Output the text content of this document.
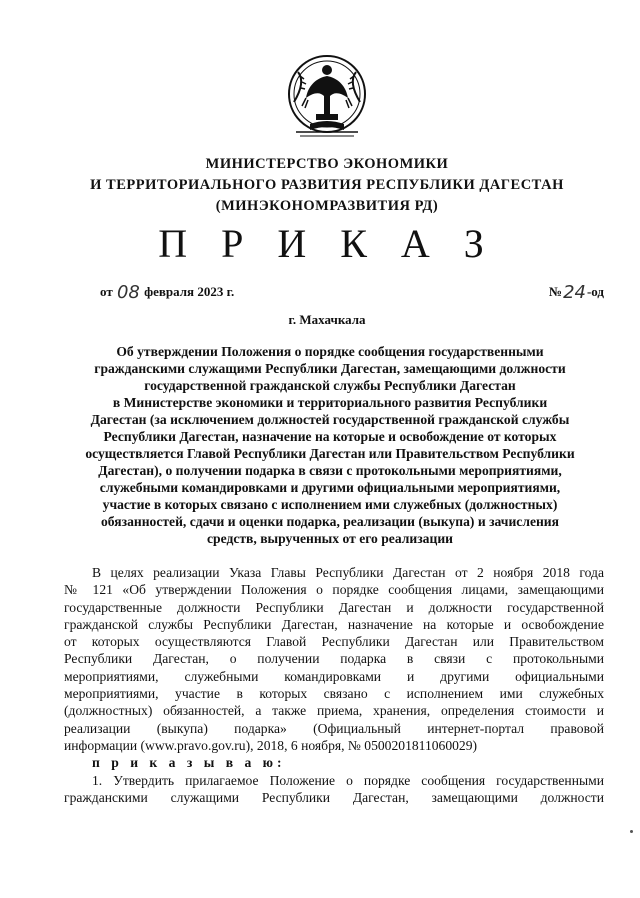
МИНИСТЕРСТВО ЭКОНОМИКИ
И ТЕРРИТОРИАЛЬНОГО РАЗВИТИЯ РЕСПУБЛИКИ ДАГЕСТАН
(МИНЭКОНОМРАЗВИТИЯ РД)
П Р И К А З
от 08 февраля 2023 г.	№24-од
г. Махачкала
Об утверждении Положения о порядке сообщения государственными
гражданскими служащими Республики Дагестан, замещающими должности
государственной гражданской службы Республики Дагестан
в Министерстве экономики и территориального развития Республики
Дагестан (за исключением должностей государственной гражданской службы
Республики Дагестан, назначение на которые и освобождение от которых
осуществляется Главой Республики Дагестан или Правительством Республики
Дагестан), о получении подарка в связи с протокольными мероприятиями,
служебными командировками и другими официальными мероприятиями,
участие в которых связано с исполнением ими служебных (должностных)
обязанностей, сдачи и оценки подарка, реализации (выкупа) и зачисления
средств, вырученных от его реализации
В целях реализации Указа Главы Республики Дагестан от 2 ноября 2018 года
№ 121 «Об утверждении Положения о порядке сообщения лицами, замещающими
государственные должности Республики Дагестан и должности государственной
гражданской службы Республики Дагестан, назначение на которые и освобождение
от которых осуществляются Главой Республики Дагестан или Правительством
Республики Дагестан, о получении подарка в связи с протокольными
мероприятиями, служебными командировками и другими официальными
мероприятиями, участие в которых связано с исполнением ими служебных
(должностных) обязанностей, а также приема, хранения, определения стоимости и
реализации (выкупа) подарка» (Официальный интернет-портал правовой
информации (www.pravo.gov.ru), 2018, 6 ноября, № 0500201811060029)
п р и к а з ы в а ю:
1. Утвердить прилагаемое Положение о порядке сообщения государственными
гражданскими служащими Республики Дагестан, замещающими должности
